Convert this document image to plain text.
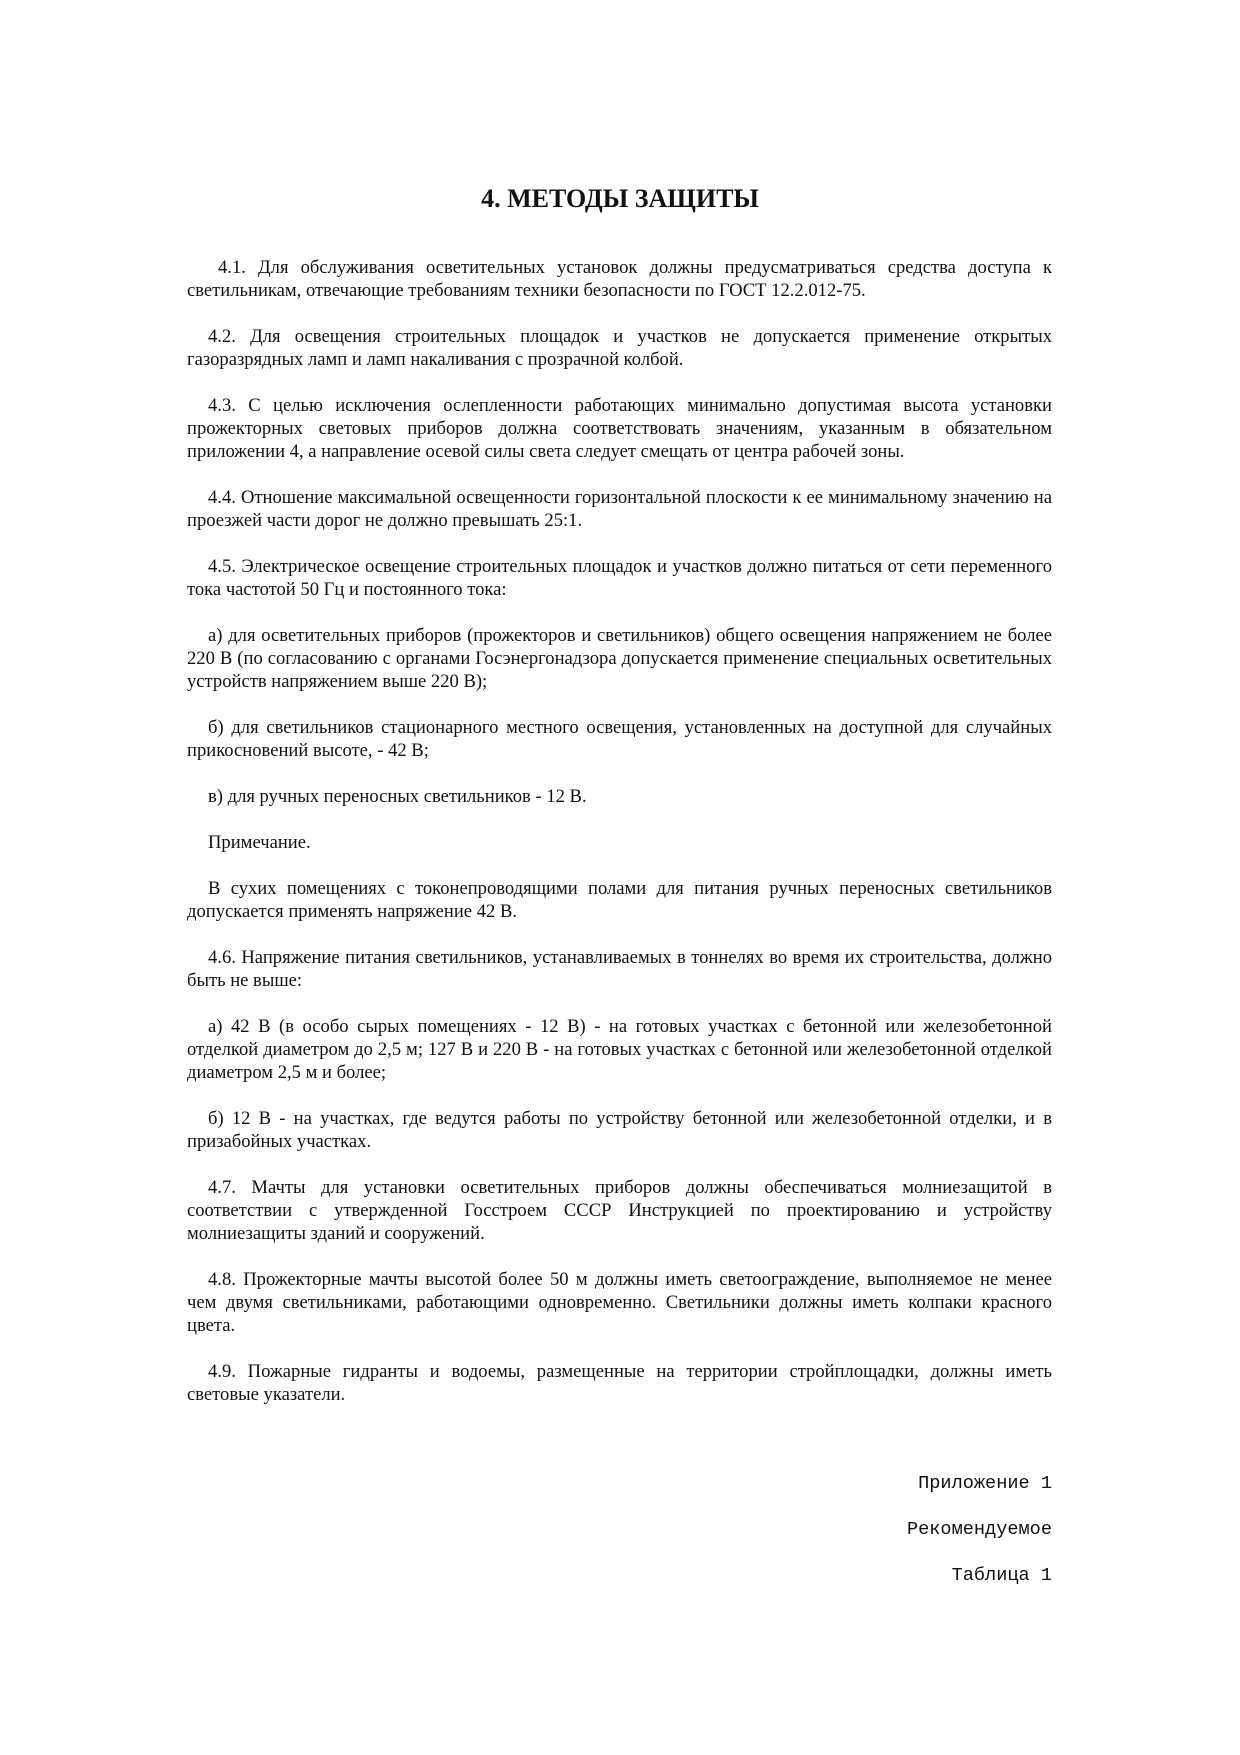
4. МЕТОДЫ ЗАЩИТЫ

4.1. Для обслуживания осветительных установок должны предусматриваться средства доступа к светильникам, отвечающие требованиям техники безопасности по ГОСТ 12.2.012-75.

4.2. Для освещения строительных площадок и участков не допускается применение открытых газоразрядных ламп и ламп накаливания с прозрачной колбой.

4.3. С целью исключения ослепленности работающих минимально допустимая высота установки прожекторных световых приборов должна соответствовать значениям, указанным в обязательном приложении 4, а направление осевой силы света следует смещать от центра рабочей зоны.

4.4. Отношение максимальной освещенности горизонтальной плоскости к ее минимальному значению на проезжей части дорог не должно превышать 25:1.

4.5. Электрическое освещение строительных площадок и участков должно питаться от сети переменного тока частотой 50 Гц и постоянного тока:

а) для осветительных приборов (прожекторов и светильников) общего освещения напряжением не более 220 В (по согласованию с органами Госэнергонадзора допускается применение специальных осветительных устройств напряжением выше 220 В);

б) для светильников стационарного местного освещения, установленных на доступной для случайных прикосновений высоте, - 42 В;

в) для ручных переносных светильников - 12 В.

Примечание.

В сухих помещениях с токонепроводящими полами для питания ручных переносных светильников допускается применять напряжение 42 В.

4.6. Напряжение питания светильников, устанавливаемых в тоннелях во время их строительства, должно быть не выше:

а) 42 В (в особо сырых помещениях - 12 В) - на готовых участках с бетонной или железобетонной отделкой диаметром до 2,5 м; 127 В и 220 В - на готовых участках с бетонной или железобетонной отделкой диаметром 2,5 м и более;

б) 12 В - на участках, где ведутся работы по устройству бетонной или железобетонной отделки, и в призабойных участках.

4.7. Мачты для установки осветительных приборов должны обеспечиваться молниезащитой в соответствии с утвержденной Госстроем СССР Инструкцией по проектированию и устройству молниезащиты зданий и сооружений.

4.8. Прожекторные мачты высотой более 50 м должны иметь светоограждение, выполняемое не менее чем двумя светильниками, работающими одновременно. Светильники должны иметь колпаки красного цвета.

4.9. Пожарные гидранты и водоемы, размещенные на территории стройплощадки, должны иметь световые указатели.

Приложение 1
Рекомендуемое
Таблица 1
